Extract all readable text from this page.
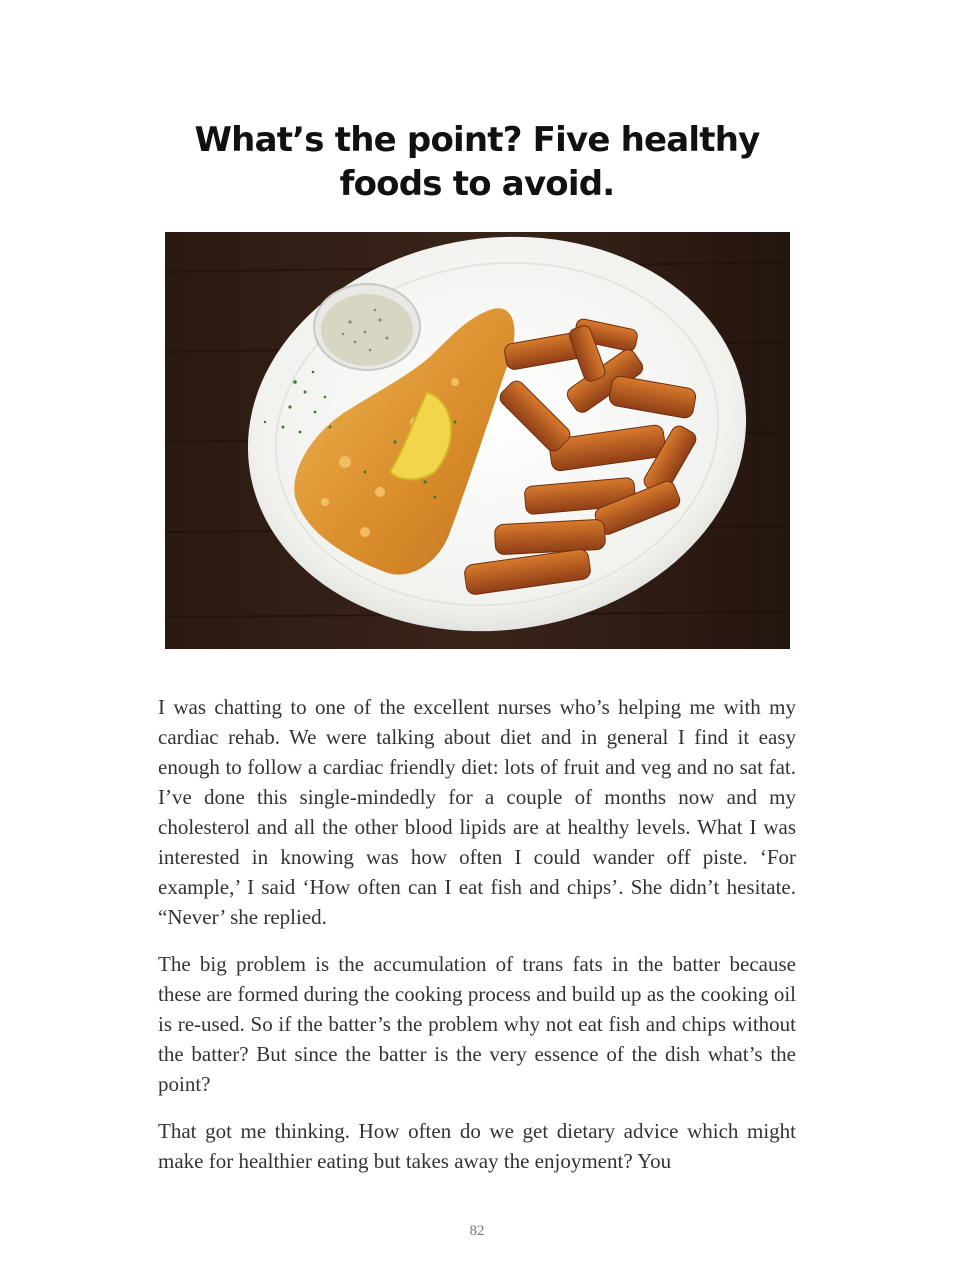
What’s the point? Five healthy foods to avoid.

I was chatting to one of the excellent nurses who’s helping me with my cardiac rehab. We were talking about diet and in general I find it easy enough to follow a cardiac friendly diet: lots of fruit and veg and no sat fat. I’ve done this single-mindedly for a couple of months now and my cholesterol and all the other blood lipids are at healthy levels. What I was interested in knowing was how often I could wander off piste. ‘For example,’ I said ‘How often can I eat fish and chips’. She didn’t hesitate. “Never’ she replied.

The big problem is the accumulation of trans fats in the batter because these are formed during the cooking process and build up as the cooking oil is re-used. So if the batter’s the problem why not eat fish and chips without the batter? But since the batter is the very essence of the dish what’s the point?

That got me thinking. How often do we get dietary advice which might make for healthier eating but takes away the enjoyment? You

82
